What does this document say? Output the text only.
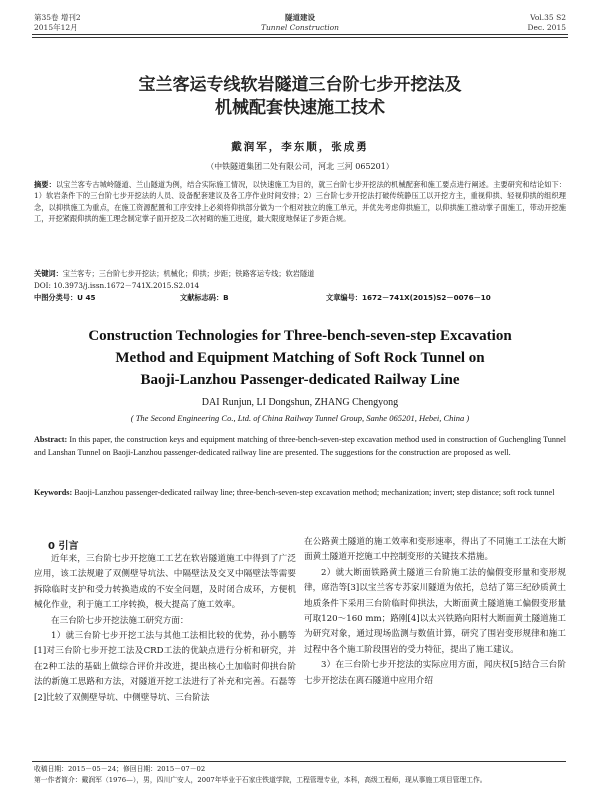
第35卷 增刊2
2015年12月
隧道建设
Tunnel Construction
Vol.35 S2
Dec. 2015
宝兰客运专线软岩隧道三台阶七步开挖法及
机械配套快速施工技术
戴润军，李东顺，张成勇
（中铁隧道集团二处有限公司，河北 三河 065201）
摘要：以宝兰客专古城岭隧道、兰山隧道为例，结合实际施工情况，以快速施工为目的，就三台阶七步开挖法的机械配套和施工要点进行阐述。主要研究和结论如下：1）软岩条件下的三台阶七步开挖法的人员、设备配套建议及各工序作业时间安排；2）三台阶七步开挖法打破传统静压工以开挖方主，重视仰拱、轻视仰拱的组织理念，以抑拱施工为重点，在施工资源配置和工序安排上必须将仰拱部分做为一个相对独立的施工单元，并优先考虑仰拱施工，以仰拱施工推动掌子面施工，带动开挖施工，开挖紧跟仰拱的施工理念制定掌子面开挖及二次衬砌的施工进度，最大限度地保证了步距合规。
关键词：宝兰客专；三台阶七步开挖法；机械化；仰拱；步距；铁路客运专线；软岩隧道
DOI: 10.3973/j.issn.1672－741X.2015.S2.014
中图分类号：U 45	文献标志码：B	文章编号：1672－741X(2015)S2－0076－10
Construction Technologies for Three-bench-seven-step Excavation
Method and Equipment Matching of Soft Rock Tunnel on
Baoji-Lanzhou Passenger-dedicated Railway Line
DAI Runjun, LI Dongshun, ZHANG Chengyong
( The Second Engineering Co., Ltd. of China Railway Tunnel Group, Sanhe 065201, Hebei, China )
Abstract: In this paper, the construction keys and equipment matching of three-bench-seven-step excavation method used in construction of Guchengling Tunnel and Lanshan Tunnel on Baoji-Lanzhou passenger-dedicated railway line are presented. The suggestions for the construction are proposed as well.
Keywords: Baoji-Lanzhou passenger-dedicated railway line; three-bench-seven-step excavation method; mechanization; invert; step distance; soft rock tunnel
0 引言

近年来，三台阶七步开挖施工工艺在软岩隧道施工中得到了广泛应用，该工法规避了双侧壁导坑法、中隔壁法及交叉中隔壁法等需要拆除临时支护和受力转换造成的不安全问题，及时闭合成环，方便机械化作业，利于施工工序转换，极大提高了施工效率。

在三台阶七步开挖法施工研究方面：

1）就三台阶七步开挖工法与其他工法相比较的优势，孙小鹏等[1]对三台阶七步开挖工法及CRD工法的优缺点进行分析和研究，并在2种工法的基础上做综合评价并改进，提出核心土加临时仰拱台阶法的新施工思路和方法，对隧道开挖工法进行了补充和完善。石磊等[2]比较了双侧壁导坑、中侧壁导坑、三台阶法

在公路黄土隧道的施工效率和变形速率，得出了不同施工工法在大断面黄土隧道开挖施工中控制变形的关键技术措施。

2）就大断面铁路黄土隧道三台阶施工法的偏假变形量和变形规律，席浩等[3]以宝兰客专苏家川隧道为依托，总结了第三纪砂质黄土地质条件下采用三台阶临时仰拱法，大断面黄土隧道施工偏假变形量可取120～160 mm；路刚[4]以太兴铁路向阳村大断面黄土隧道施工为研究对象，通过现场监测与数值计算，研究了围岩变形规律和施工过程中各个施工阶段围岩的受力特征，提出了施工建议。

3）在三台阶七步开挖法的实际应用方面，闻庆权[5]结合三台阶七步开挖法在离石隧道中应用介绍

收稿日期：2015－05－24；修回日期：2015－07－02
第一作者简介：戴润军（1976—），男，四川广安人，2007年毕业于石家庄铁道学院，工程管理专业，本科，高级工程师，现从事施工项目管理工作。
